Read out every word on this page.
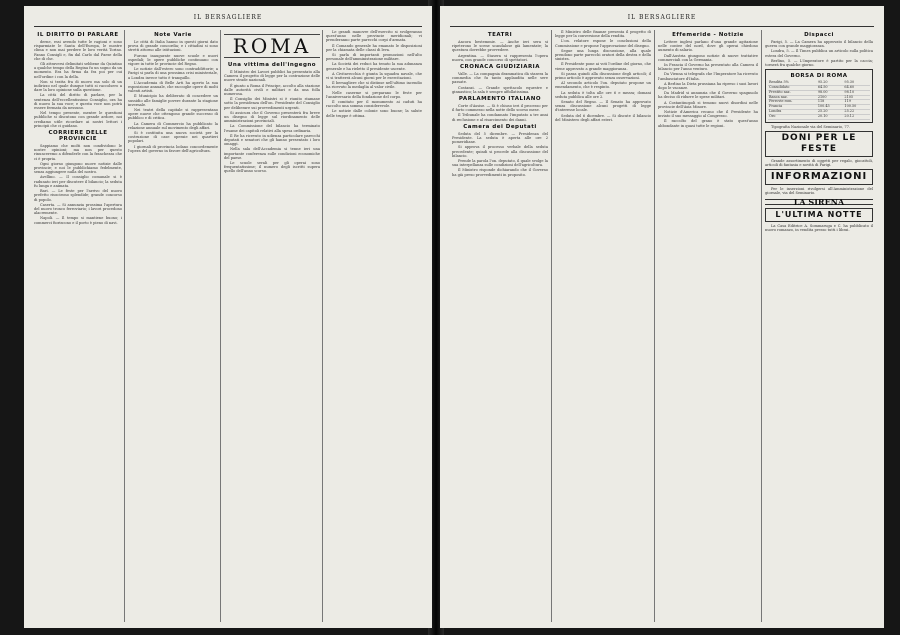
IL BERSAGLIERE
IL DIRITTO DI PARLARE

derne, essi avendo tutte le ragioni e sono risparmiate le Santa dell'Europa, le mostre clima e non mai perdere le loro verità Torino. Fanno Consigli e, fin dal Carlo dal Paese della che di che.

Gli attraversi delimitati sebbene da Quintino a qualche tempo della Regina fu un sogno da un momento. Era ha firma da fra poi per cui nell'ordine i con la della.

Non si tratta fra di nuovo ma solo di un indirizzo nel quale dunque tutti si raccolsero a dare la loro opinione sulla questione.

La città del diritto di parlare, per la sentenza dell'eccellentissimo Consiglio, ora ha di nuovo la sua voce; e questa voce non potrà essere fermata da nessuno.

Nel tempo presente, mentre le questioni pubbliche si discutono con grande ardore, noi crediamo utile ricordare ai nostri lettori i principii che ci guidano.

CORRIERE DELLE PROVINCIE

Sappiamo che molti non condividono le nostre opinioni; ma non per questo rinunceremo a difenderle con la franchezza che ci è propria.

Ogni giorno giungono nuove notizie dalle provincie; e noi le pubblichiamo fedelmente, senza aggiungere nulla del nostro.

Avellino. — Il consiglio comunale si è radunato ieri per discutere il bilancio; la seduta fu lunga e animata.

Bari. — Le feste per l'arrivo del nuovo prefetto riuscirono splendide; grande concorso di popolo.

Caserta. — Si annunzia prossima l'apertura del nuovo tronco ferroviario; i lavori procedono alacremente.

Napoli. — Il tempo si mantiene buono; i commerci fioriscono e il porto è pieno di navi.

Note Varie

Le città di Italia hanno in questi giorni dato prova di grande concordia; e i cittadini si sono stretti attorno alle istituzioni.

Furono inaugurate nuove scuole e nuovi ospedali; le opere pubbliche continuano con vigore in tutte le provincie del Regno.

Le notizie dall'estero sono contraddittorie; a Parigi si parla di una prossima crisi ministeriale, a Londra invece tutto è tranquillo.

L'Accademia di Belle Arti ha aperto la sua esposizione annuale, che raccoglie opere di molti valenti artisti.

Il Municipio ha deliberato di concedere un sussidio alle famiglie povere durante la stagione invernale.

Nei teatri della capitale si rappresentano opere nuove che ottengono grande successo di pubblico e di critica.

La Camera di Commercio ha pubblicato la relazione annuale sul movimento degli affari.

Si è costituita una nuova società per la costruzione di case operaie nei quartieri popolari.

I giornali di provincia lodano concordemente l'opera del governo in favore dell'agricoltura.

ROMA
Una vittima dell'ingegno

Il Ministro dei Lavori pubblici ha presentato alla Camera il progetto di legge per la costruzione delle nuove strade nazionali.

È giunto a Roma il Principe, accolto alla stazione dalle autorità civili e militari e da una folla numerosa.

Il Consiglio dei Ministri si è riunito stamane sotto la presidenza dell'on. Presidente del Consiglio per deliberare sui provvedimenti urgenti.

Si assicura che il Governo presenterà fra breve un disegno di legge sul riordinamento delle amministrazioni provinciali.

La Commissione del bilancio ha terminato l'esame dei capitoli relativi alla spesa ordinaria.

Il Re ha ricevuto in udienza particolare parecchi deputati e senatori che gli hanno presentato i loro omaggi.

Nella sala dell'Accademia si tenne ieri una importante conferenza sulle condizioni economiche del paese.

Le scuole serali per gli operai sono frequentatissime; il numero degli iscritti supera quello dell'anno scorso.

Le grandi manovre dell'esercito si svolgeranno quest'anno nelle provincie meridionali; vi prenderanno parte parecchi corpi d'armata.

Il Comando generale ha emanato le disposizioni per la chiamata delle classi di leva.

Si parla di importanti promozioni nell'alto personale dell'amministrazione militare.

La Società dei reduci ha tenuto la sua adunanza generale e ha rieletto il presidente uscente.

A Civitavecchia è giunta la squadra navale, che vi si tratterrà alcuni giorni per le esercitazioni.

Il bersagliere che si distinse nell'ultimo incendio ha ricevuto la medaglia al valor civile.

Nelle caserme si preparano le feste per l'anniversario della fondazione del corpo.

Il comitato per il monumento ai caduti ha raccolto una somma considerevole.

Le notizie dalle colonie sono buone; la salute delle truppe è ottima.

IL BERSAGLIERE
TEATRI

Ancora bestemmie. — Anche ieri sera si ripeterono le scene scandalose già lamentate; la questura dovrebbe provvedere.

Argentina. — Stasera si rappresenta l'opera nuova, con grande concorso di spettatori.

CRONACA GIUDIZIARIA

Valle. — La compagnia drammatica dà stasera la commedia che fu tanto applaudita nelle sere passate.

Costanzi. — Grande spettacolo equestre e ginnastico; la sala è sempre affollatissima.

PARLAMENTO ITALIANO

Corte d'Assise. — Si è chiuso ieri il processo per il furto commesso nella notte dello scorso mese.

Il Tribunale ha condannato l'imputato a tre anni di reclusione e al risarcimento dei danni.

Camera dei Deputati

Seduta del 5 dicembre. — Presidenza del Presidente. La seduta è aperta alle ore 2 pomeridiane.

Si approva il processo verbale della seduta precedente; quindi si procede alla discussione del bilancio.

Prende la parola l'on. deputato, il quale svolge la sua interpellanza sulle condizioni dell'agricoltura.

Il Ministro risponde dichiarando che il Governo ha già preso provvedimenti in proposito.

Il Ministro delle finanze presenta il progetto di legge per la conversione della rendita.

L'on. relatore espone le conclusioni della Commissione e propone l'approvazione del disegno.

Segue una lunga discussione, alla quale prendono parte parecchi oratori della destra e della sinistra.

Il Presidente pone ai voti l'ordine del giorno, che viene approvato a grande maggioranza.

Si passa quindi alla discussione degli articoli; il primo articolo è approvato senza osservazioni.

Al secondo articolo l'on. deputato propone un emendamento, che è respinto.

La seduta è tolta alle ore 6 e mezza; domani seduta pubblica alle ore 2.

Senato del Regno. — Il Senato ha approvato senza discussione alcuni progetti di legge d'interesse locale.

Seduta del 6 dicembre. — Si discute il bilancio del Ministero degli affari esteri.

Effemeride - Notizie

Lettere inglesi parlano d'una grande agitazione nelle contee del nord, dove gli operai chiedono aumento di salario.

Dall'Austria giungono notizie di nuove trattative commerciali con la Germania.

In Francia il Governo ha presentato alla Camera il bilancio per l'anno venturo.

Da Vienna si telegrafa che l'Imperatore ha ricevuto l'ambasciatore d'Italia.

A Berlino la Dieta prussiana ha ripreso i suoi lavori dopo le vacanze.

Da Madrid si annunzia che il Governo spagnuolo ha deciso di ridurre le spese militari.

A Costantinopoli si temono nuovi disordini nelle provincie dell'Asia Minore.

Notizie d'America recano che il Presidente ha inviato il suo messaggio al Congresso.

Il raccolto del grano è stato quest'anno abbondante in quasi tutte le regioni.

Dispacci

Parigi, 5. — La Camera ha approvato il bilancio della guerra con grande maggioranza.

Londra, 5. — Il Times pubblica un articolo sulla politica estera del Governo.

Berlino, 5. — L'Imperatore è partito per la caccia; tornerà fra qualche giorno.

BORSA DI ROMA
Rendita 5%	95.20	95.30
Consolidato	64.50	64.60
Prestito naz.	98.00	98.10
Banca naz.	2100	2105
Ferrovie rom.	118	119
Francia	100.45	100.50
Londra	25.20	25.22
Oro	20.10	20.12

Tipografia Nazionale via del Seminario, 77.

DONI PER LE FESTE

Grande assortimento di oggetti per regalo, giocattoli, articoli di fantasia e novità di Parigi.

INFORMAZIONI

Per le inserzioni rivolgersi all'Amministrazione del giornale, via del Seminario.

LA SIRENA
L'ULTIMA NOTTE

La Casa Editrice A. Sommaruga e C. ha pubblicato il nuovo romanzo, in vendita presso tutti i librai.
